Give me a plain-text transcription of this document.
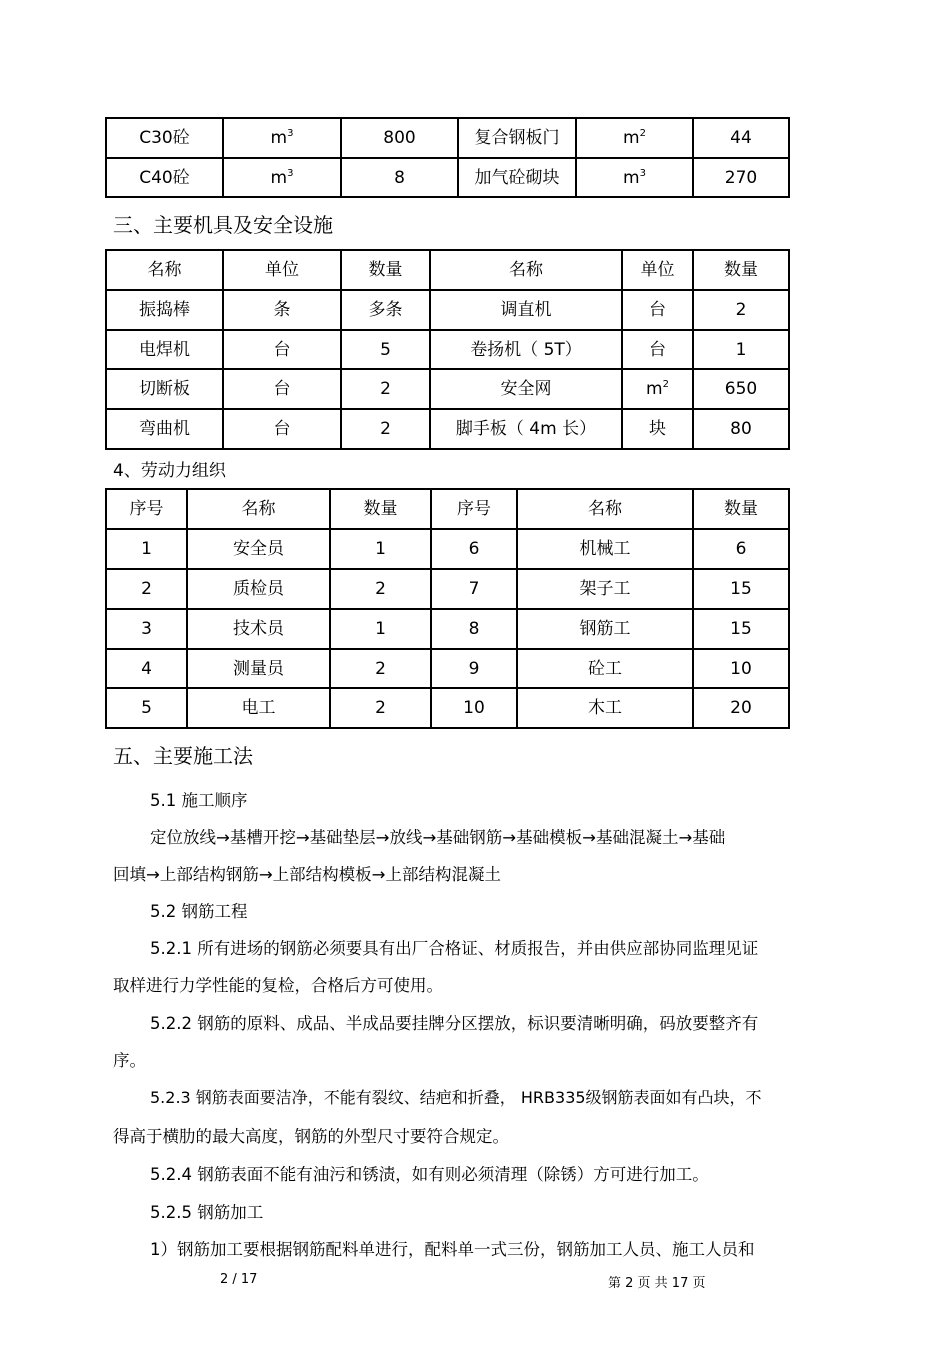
C30砼	$m^3$	800	复合钢板门	$m^2$	44
C40砼	$m^3$	8	加气砼砌块	$m^3$	270
三、主要机具及安全设施
名称	单位	数量	名称	单位	数量
振捣棒	条	多条	调直机	台	2
电焊机	台	5	卷扬机（ 5T）	台	1
切断板	台	2	安全网	$m^2$	650
弯曲机	台	2	脚手板（ 4m 长）	块	80
4、劳动力组织
序号	名称	数量	序号	名称	数量
1	安全员	1	6	机械工	6
2	质检员	2	7	架子工	15
3	技术员	1	8	钢筋工	15
4	测量员	2	9	砼工	10
5	电工	2	10	木工	20
五、主要施工法
5.1 施工顺序
定位放线→基槽开挖→基础垫层→放线→基础钢筋→基础模板→基础混凝土→基础
回填→上部结构钢筋→上部结构模板→上部结构混凝土
5.2 钢筋工程
5.2.1 所有进场的钢筋必须要具有出厂合格证、材质报告，并由供应部协同监理见证
取样进行力学性能的复检，合格后方可使用。
5.2.2 钢筋的原料、成品、半成品要挂牌分区摆放，标识要清晰明确，码放要整齐有
序。
5.2.3 钢筋表面要洁净，不能有裂纹、结疤和折叠， HRB335级钢筋表面如有凸块，不
得高于横肋的最大高度，钢筋的外型尺寸要符合规定。
5.2.4 钢筋表面不能有油污和锈渍，如有则必须清理（除锈）方可进行加工。
5.2.5 钢筋加工
1）钢筋加工要根据钢筋配料单进行，配料单一式三份，钢筋加工人员、施工人员和
2 / 17	第 2 页 共 17 页
